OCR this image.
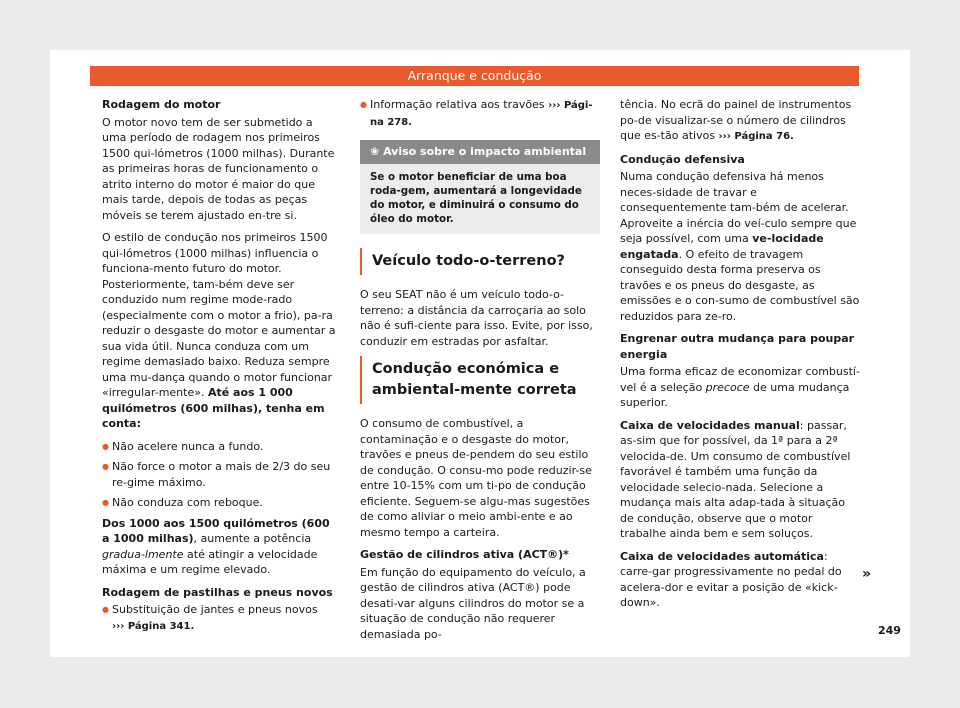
Arranque e condução
Rodagem do motor

O motor novo tem de ser submetido a uma período de rodagem nos primeiros 1500 qui-lómetros (1000 milhas). Durante as primeiras horas de funcionamento o atrito interno do motor é maior do que mais tarde, depois de todas as peças móveis se terem ajustado en-tre si.

O estilo de condução nos primeiros 1500 qui-lómetros (1000 milhas) influencia o funciona-mento futuro do motor. Posteriormente, tam-bém deve ser conduzido num regime mode-rado (especialmente com o motor a frio), pa-ra reduzir o desgaste do motor e aumentar a sua vida útil. Nunca conduza com um regime demasiado baixo. Reduza sempre uma mu-dança quando o motor funcionar «irregular-mente». Até aos 1 000 quilómetros (600 milhas), tenha em conta:

● Não acelere nunca a fundo.
● Não force o motor a mais de 2/3 do seu re-gime máximo.
● Não conduza com reboque.

Dos 1000 aos 1500 quilómetros (600 a 1000 milhas), aumente a potência gradua-lmente até atingir a velocidade máxima e um regime elevado.

Rodagem de pastilhas e pneus novos
● Substituição de jantes e pneus novos
››› Página 341.
● Informação relativa aos travões ››› Pági-na 278.
❀ Aviso sobre o impacto ambiental
Se o motor beneficiar de uma boa roda-gem, aumentará a longevidade do motor, e diminuirá o consumo do óleo do motor.
Veículo todo-o-terreno?

O seu SEAT não é um veículo todo-o-terreno: a distância da carroçaria ao solo não é sufi-ciente para isso. Evite, por isso, conduzir em estradas por asfaltar.

Condução económica e ambiental-mente correta

O consumo de combustível, a contaminação e o desgaste do motor, travões e pneus de-pendem do seu estilo de condução. O consu-mo pode reduzir-se entre 10-15% com um ti-po de condução eficiente. Seguem-se algu-mas sugestões de como aliviar o meio ambi-ente e ao mesmo tempo a carteira.

Gestão de cilindros ativa (ACT®)*

Em função do equipamento do veículo, a gestão de cilindros ativa (ACT®) pode desati-var alguns cilindros do motor se a situação de condução não requerer demasiada po-

tência. No ecrã do painel de instrumentos po-de visualizar-se o número de cilindros que es-tão ativos ››› Página 76.

Condução defensiva

Numa condução defensiva há menos neces-sidade de travar e consequentemente tam-bém de acelerar. Aproveite a inércia do veí-culo sempre que seja possível, com uma ve-locidade engatada. O efeito de travagem conseguido desta forma preserva os travões e os pneus do desgaste, as emissões e o con-sumo de combustível são reduzidos para ze-ro.

Engrenar outra mudança para poupar energia

Uma forma eficaz de economizar combustí-vel é a seleção precoce de uma mudança superior.

Caixa de velocidades manual: passar, as-sim que for possível, da 1ª para a 2ª velocida-de. Um consumo de combustível favorável é também uma função da velocidade selecio-nada. Selecione a mudança mais alta adap-tada à situação de condução, observe que o motor trabalhe ainda bem e sem soluços.

Caixa de velocidades automática: carre-gar progressivamente no pedal do acelera-dor e evitar a posição de «kick-down».

»
249
